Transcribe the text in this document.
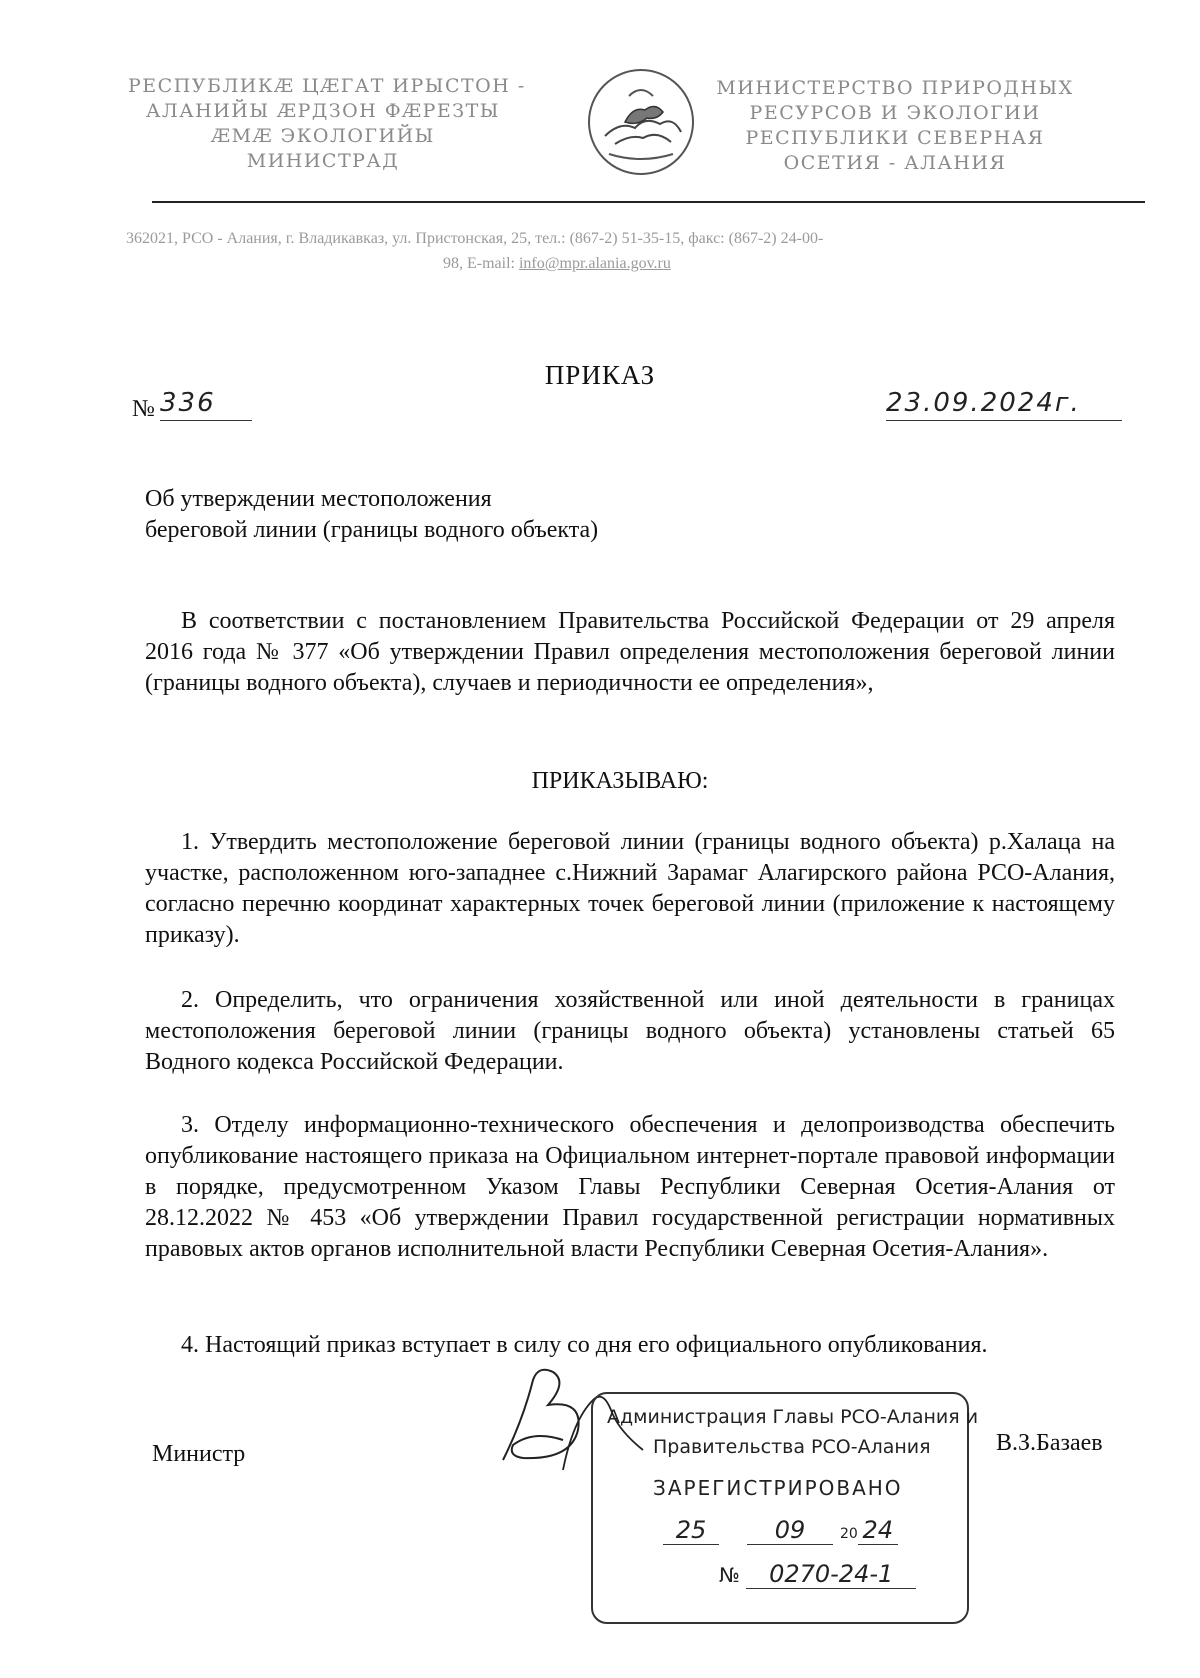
РЕСПУБЛИКÆ ЦÆГАТ ИРЫСТОН -
АЛАНИЙЫ ÆРДЗОН ФÆРЕЗТЫ
ÆМÆ ЭКОЛОГИЙЫ
МИНИСТРАД
МИНИСТЕРСТВО ПРИРОДНЫХ
РЕСУРСОВ И ЭКОЛОГИИ
РЕСПУБЛИКИ СЕВЕРНАЯ
ОСЕТИЯ - АЛАНИЯ
362021, РСО - Алания, г. Владикавказ, ул. Пристонская, 25, тел.: (867-2) 51-35-15, факс: (867-2) 24-00-
98, E-mail: info@mpr.alania.gov.ru
ПРИКАЗ
№ 336	23.09.2024г.
Об утверждении местоположения
береговой линии (границы водного объекта)

В соответствии с постановлением Правительства Российской Федерации от 29 апреля 2016 года № 377 «Об утверждении Правил определения местоположения береговой линии (границы водного объекта), случаев и периодичности ее определения»,

ПРИКАЗЫВАЮ:

1. Утвердить местоположение береговой линии (границы водного объекта) р.Халаца на участке, расположенном юго-западнее с.Нижний Зарамаг Алагирского района РСО-Алания, согласно перечню координат характерных точек береговой линии (приложение к настоящему приказу).

2. Определить, что ограничения хозяйственной или иной деятельности в границах местоположения береговой линии (границы водного объекта) установлены статьей 65 Водного кодекса Российской Федерации.

3. Отделу информационно-технического обеспечения и делопроизводства обеспечить опубликование настоящего приказа на Официальном интернет-портале правовой информации в порядке, предусмотренном Указом Главы Республики Северная Осетия-Алания от 28.12.2022 № 453 «Об утверждении Правил государственной регистрации нормативных правовых актов органов исполнительной власти Республики Северная Осетия-Алания».

4. Настоящий приказ вступает в силу со дня его официального опубликования.

Министр
Администрация Главы РСО-Алания и
Правительства РСО-Алания
ЗАРЕГИСТРИРОВАНО
25	09 20 24
№ 0270-24-1
В.З.Базаев
